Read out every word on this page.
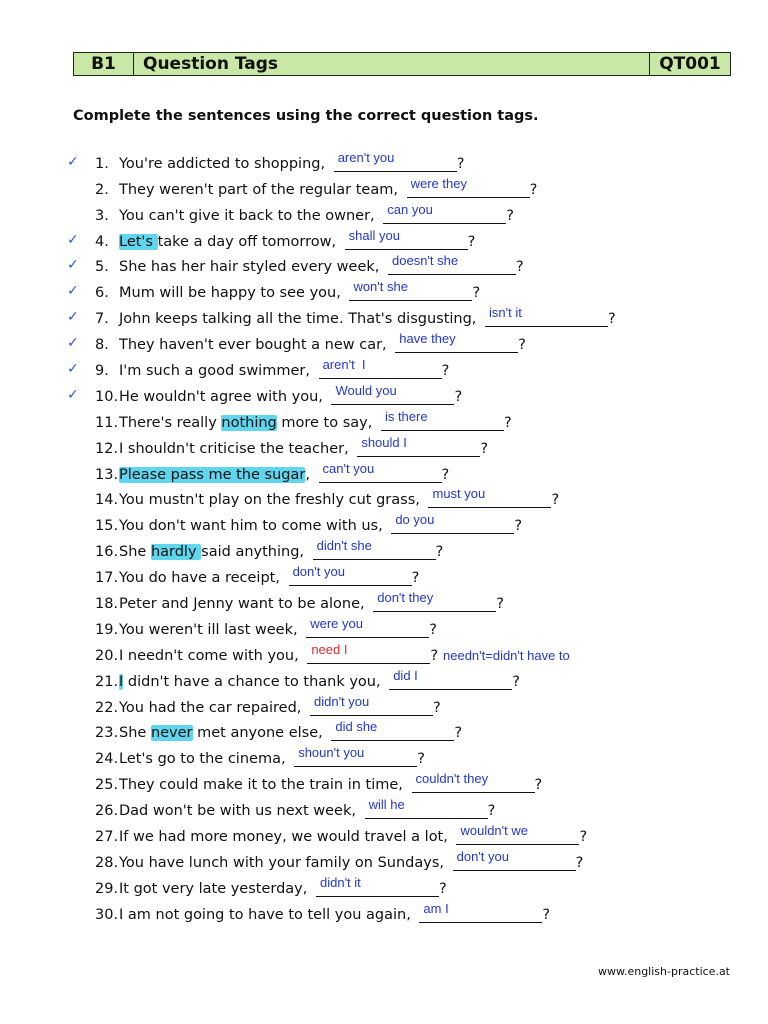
B1	Question Tags	QT001
Complete the sentences using the correct question tags.
✓ 1. You're addicted to shopping, aren't you	?
2. They weren't part of the regular team, were they	?
3. You can't give it back to the owner, can you	?
✓ 4. Let's take a day off tomorrow, shall you	?
✓ 5. She has her hair styled every week, doesn't she	?
✓ 6. Mum will be happy to see you, won't she	?
✓ 7. John keeps talking all the time. That's disgusting, isn't it	?
✓ 8. They haven't ever bought a new car, have they	?
✓ 9. I'm such a good swimmer, aren't  I	?
✓ 10. He wouldn't agree with you, Would you	?
11. There's really nothing more to say, is there	?
12. I shouldn't criticise the teacher, should I	?
13. Please pass me the sugar , can't you	?
14. You mustn't play on the freshly cut grass, must you	?
15. You don't want him to come with us, do you	?
16. She hardly said anything, didn't she	?
17. You do have a receipt, don't you	?
18. Peter and Jenny want to be alone, don't they	?
19. You weren't ill last week, were you	?
20. I needn't come with you, need I	? needn't=didn't have to
21. I didn't have a chance to thank you, did I	?
22. You had the car repaired, didn't you	?
23. She never met anyone else, did she	?
24. Let's go to the cinema, shoun't you	?
25. They could make it to the train in time, couldn't they	?
26. Dad won't be with us next week, will he	?
27. If we had more money, we would travel a lot, wouldn't we	?
28. You have lunch with your family on Sundays, don't you	?
29. It got very late yesterday, didn't it	?
30. I am not going to have to tell you again, am I	?
www.english-practice.at
